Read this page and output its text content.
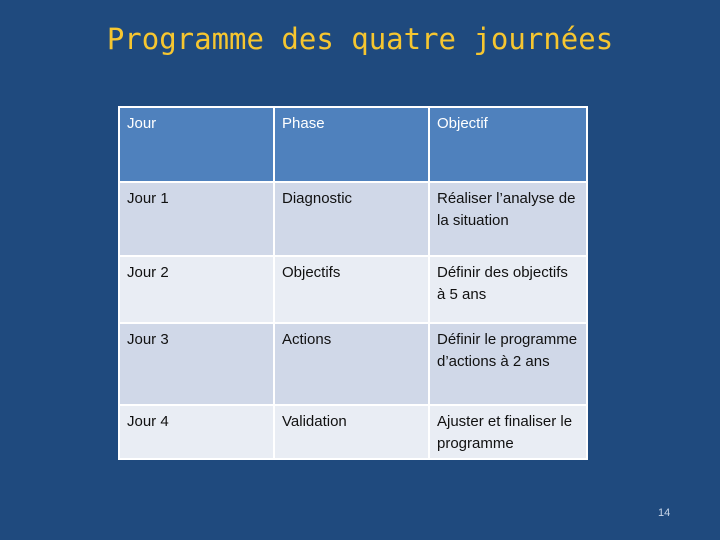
Programme des quatre journées
Jour	Phase	Objectif
Jour 1	Diagnostic	Réaliser l’analyse de la situation
Jour 2	Objectifs	Définir des objectifs à 5 ans
Jour 3	Actions	Définir le programme d’actions à 2 ans
Jour 4	Validation	Ajuster et finaliser le programme
14
